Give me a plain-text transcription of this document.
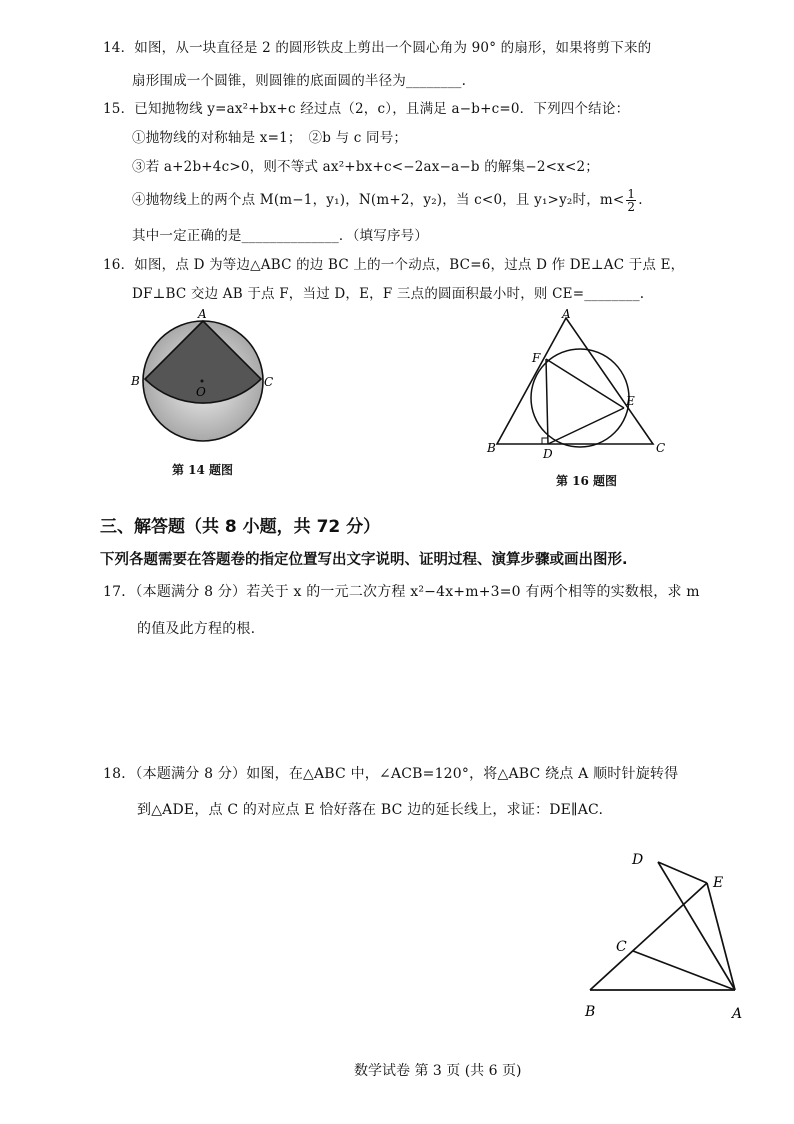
14．如图，从一块直径是 2 的圆形铁皮上剪出一个圆心角为 90° 的扇形，如果将剪下来的
扇形围成一个圆锥，则圆锥的底面圆的半径为________.
15．已知抛物线 y=ax²+bx+c 经过点（2，c），且满足 a−b+c=0．下列四个结论：
①抛物线的对称轴是 x=1；　②b 与 c 同号；
③若 a+2b+4c>0，则不等式 ax²+bx+c<−2ax−a−b 的解集−2<x<2；
④抛物线上的两个点 M(m−1，y₁)，N(m+2，y₂)，当 c<0，且 y₁>y₂时，$m< \frac{1}{2}$ .
其中一定正确的是______________．（填写序号）
16．如图，点 D 为等边△ABC 的边 BC 上的一个动点，BC=6，过点 D 作 DE⊥AC 于点 E，
DF⊥BC 交边 AB 于点 F，当过 D，E，F 三点的圆面积最小时，则 CE=________.
A
B	C
O
第 14 题图
A
B	C
D
E
F
第 16 题图
三、解答题（共 8 小题，共 72 分）
下列各题需要在答题卷的指定位置写出文字说明、证明过程、演算步骤或画出图形.
17．（本题满分 8 分）若关于 x 的一元二次方程 x²−4x+m+3=0 有两个相等的实数根，求 m
的值及此方程的根.
18．（本题满分 8 分）如图，在△ABC 中，∠ACB=120°，将△ABC 绕点 A 顺时针旋转得
到△ADE，点 C 的对应点 E 恰好落在 BC 边的延长线上，求证：DE∥AC.
D
E
C
B	A
数学试卷 第 3 页 (共 6 页)
